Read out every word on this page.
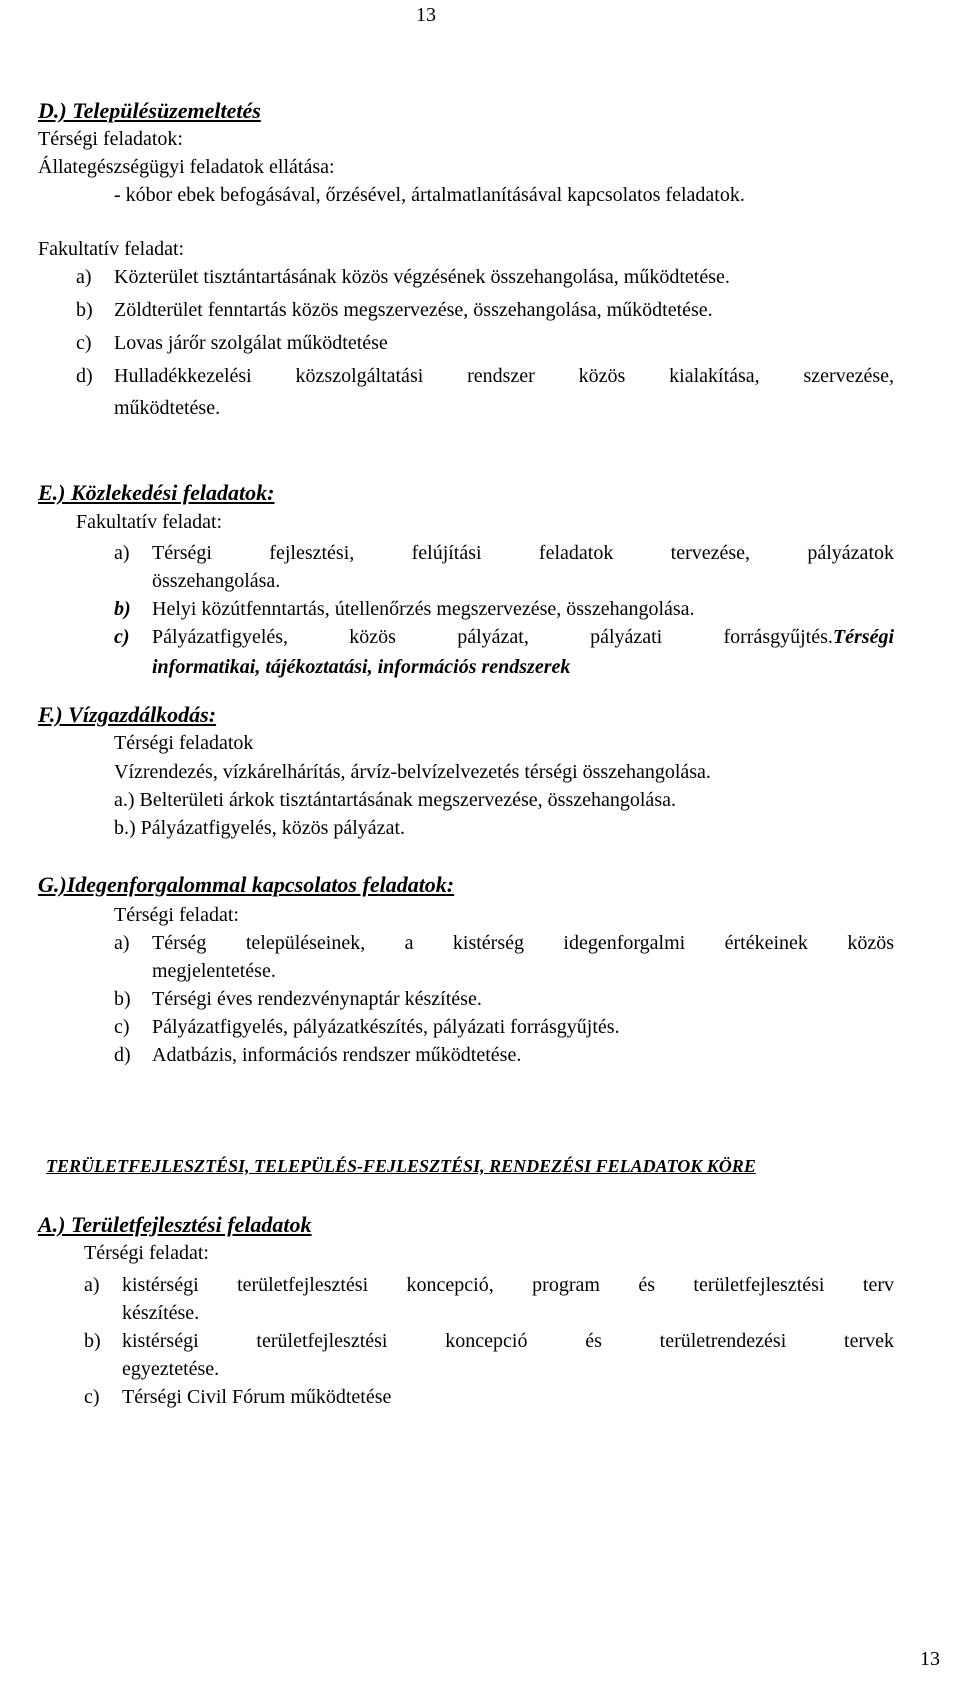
13
D.) Településüzemeltetés
Térségi feladatok:
Állategészségügyi feladatok ellátása:
- kóbor ebek befogásával, őrzésével, ártalmatlanításával kapcsolatos feladatok.
Fakultatív feladat:
a) Közterület tisztántartásának közös végzésének összehangolása, működtetése.
b) Zöldterület fenntartás közös megszervezése, összehangolása, működtetése.
c) Lovas járőr szolgálat működtetése
d)	Hulladékkezelési közszolgáltatási rendszer közös kialakítása, szervezése,
működtetése.
E.) Közlekedési feladatok:
Fakultatív feladat:
a)	Térségi fejlesztési, felújítási feladatok tervezése, pályázatok
összehangolása.
b) Helyi közútfenntartás, útellenőrzés megszervezése, összehangolása.
c)	Pályázatfigyelés, közös pályázat, pályázati forrásgyűjtés.Térségi
informatikai, tájékoztatási, információs rendszerek
F.) Vízgazdálkodás:
Térségi feladatok
Vízrendezés, vízkárelhárítás, árvíz-belvízelvezetés térségi összehangolása.
a.) Belterületi árkok tisztántartásának megszervezése, összehangolása.
b.) Pályázatfigyelés, közös pályázat.
G.)Idegenforgalommal kapcsolatos feladatok:
Térségi feladat:
a)	Térség településeinek, a kistérség idegenforgalmi értékeinek közös
megjelentetése.
b) Térségi éves rendezvénynaptár készítése.
c) Pályázatfigyelés, pályázatkészítés, pályázati forrásgyűjtés.
d) Adatbázis, információs rendszer működtetése.
TERÜLETFEJLESZTÉSI, TELEPÜLÉS-FEJLESZTÉSI, RENDEZÉSI FELADATOK KÖRE
A.) Területfejlesztési feladatok
Térségi feladat:
a)	kistérségi területfejlesztési koncepció, program és területfejlesztési terv
készítése.
b)	kistérségi területfejlesztési koncepció és területrendezési tervek
egyeztetése.
c) Térségi Civil Fórum működtetése
13
